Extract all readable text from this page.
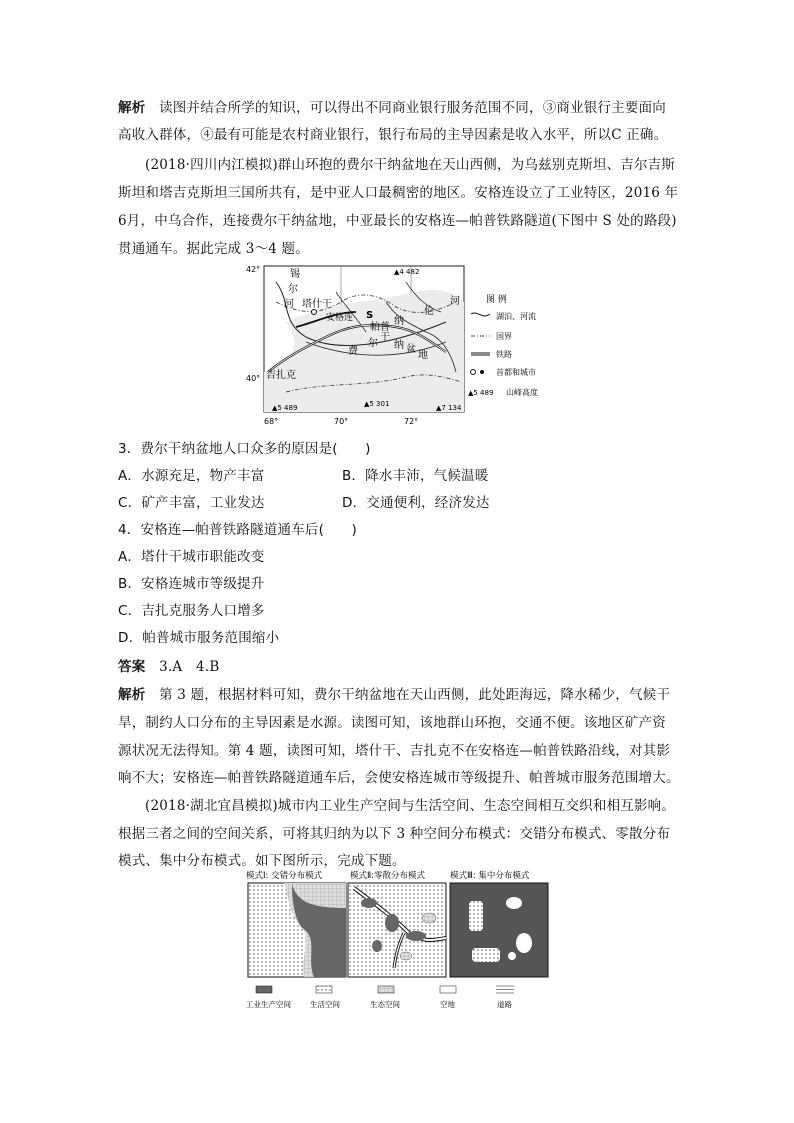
解析　 读图并结合所学的知识，可以得出不同商业银行服务范围不同，③商业银行主要面向
高收入群体，④最有可能是农村商业银行，银行布局的主导因素是收入水平，所以C 正确。
(2018·四川内江模拟)群山环抱的费尔干纳盆地在天山西侧，为乌兹别克斯坦、吉尔吉斯
斯坦和塔吉克斯坦三国所共有，是中亚人口最稠密的地区。安格连设立了工业特区，2016 年
6月，中乌合作，连接费尔干纳盆地，中亚最长的安格连—帕普铁路隧道(下图中 S 处的路段)
贯通通车。据此完成 3～4 题。
42°
40°
68°	70°	72°
▲4 482
▲5 489	▲5 301	▲7 134
锡
尔
河 塔什干
安格连 S
帕普
纳
伦
河
费
尔
干
纳 盆
地
吉扎克
图 例
湖泊、河流
国界
铁路
首都和城市
▲5 489 山峰高度
3．费尔干纳盆地人口众多的原因是(　　)
A．水源充足，物产丰富	B．降水丰沛，气候温暖
C．矿产丰富，工业发达	D．交通便利，经济发达
4．安格连—帕普铁路隧道通车后(　　)
A．塔什干城市职能改变
B．安格连城市等级提升
C．吉扎克服务人口增多
D．帕普城市服务范围缩小
答案　 3.A　4.B
解析　 第 3 题，根据材料可知，费尔干纳盆地在天山西侧，此处距海远，降水稀少，气候干
旱，制约人口分布的主导因素是水源。读图可知，该地群山环抱，交通不便。该地区矿产资
源状况无法得知。第 4 题，读图可知，塔什干、吉扎克不在安格连—帕普铁路沿线，对其影
响不大；安格连—帕普铁路隧道通车后，会使安格连城市等级提升、帕普城市服务范围增大。
(2018·湖北宜昌模拟)城市内工业生产空间与生活空间、生态空间相互交织和相互影响。
根据三者之间的空间关系，可将其归纳为以下 3 种空间分布模式：交错分布模式、零散分布
模式、集中分布模式。如下图所示，完成下题。
模式Ⅰ: 交错分布模式	模式Ⅱ:零散分布模式	模式Ⅲ: 集中分布模式
工业生产空间	生活空间	生态空间	空地	道路
